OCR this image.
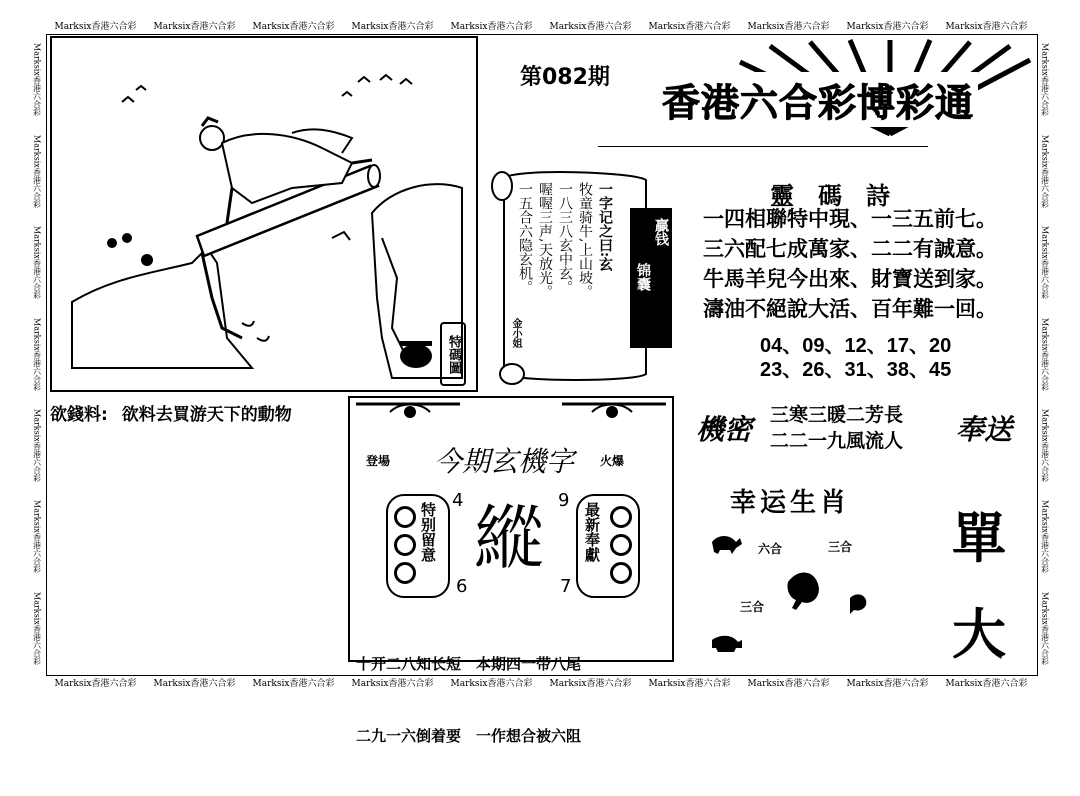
Marksix香港六合彩 Marksix香港六合彩 Marksix香港六合彩 Marksix香港六合彩 Marksix香港六合彩 Marksix香港六合彩 Marksix香港六合彩 Marksix香港六合彩 Marksix香港六合彩 Marksix香港六合彩
Marksix香港六合彩 Marksix香港六合彩 Marksix香港六合彩 Marksix香港六合彩 Marksix香港六合彩 Marksix香港六合彩 Marksix香港六合彩 Marksix香港六合彩 Marksix香港六合彩 Marksix香港六合彩
Marksix香港六合彩
Marksix香港六合彩
Marksix香港六合彩
Marksix香港六合彩
Marksix香港六合彩
Marksix香港六合彩
Marksix香港六合彩
Marksix香港六合彩
Marksix香港六合彩
Marksix香港六合彩
Marksix香港六合彩
Marksix香港六合彩
Marksix香港六合彩
Marksix香港六合彩
特碼圖
欲錢料: 欲料去買游天下的動物
第082期
香港六合彩博彩通
一字记之曰:玄
牧童骑牛,上山坡。
一八三八玄中玄。
喔喔三声,天放光。
一五合六隐玄机。
金小姐
贏钱
锦囊
靈　碼　詩
一四相聯特中現、一三五前七。
三六配七成萬家、二二有誠意。
牛馬羊兒今出來、財寶送到家。
濤油不絕說大活、百年難一回。
04、09、12、17、20
23、26、31、38、45
機密 三寒三暖二芳長
二二一九風流人 奉送
幸运生肖
六合	三合
三合
單
大
登場 今期玄機字 火爆
特别留意
4	9
縱
6	7
最新奉獻

十开二八知长短　本期四一带八尾

二九一六倒着要　一作想合被六阻
